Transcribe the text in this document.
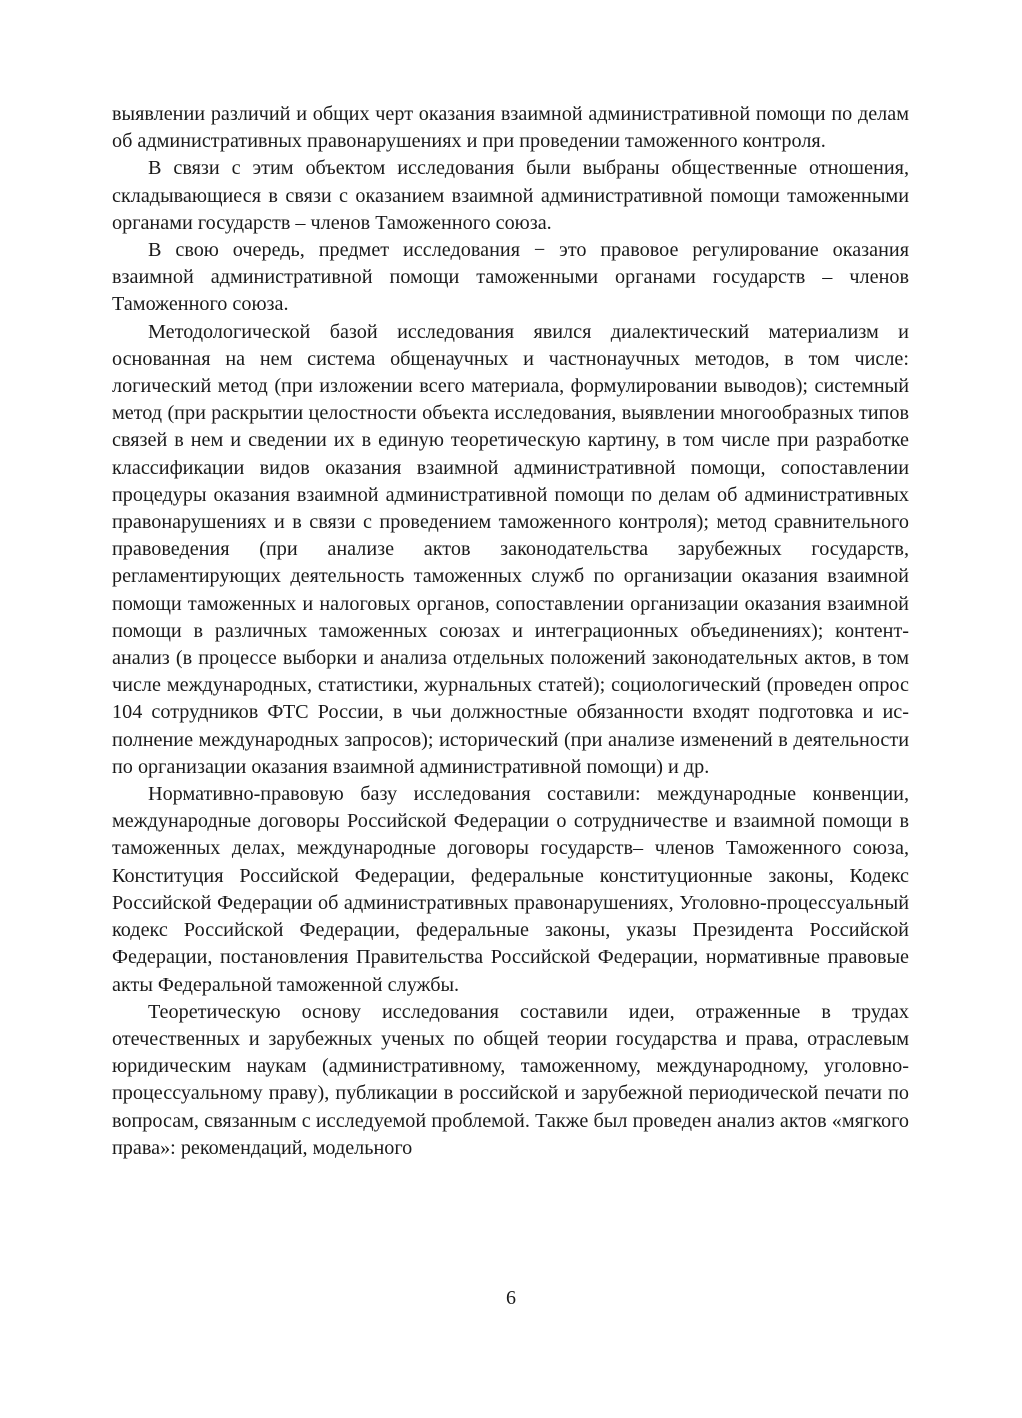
выявлении различий и общих черт оказания взаимной административной помощи по делам об административных правонарушениях и при проведении таможенного контроля.

В связи с этим объектом исследования были выбраны общественные отношения, складывающиеся в связи с оказанием взаимной административной помощи таможенными органами государств – членов Таможенного союза.

В свою очередь, предмет исследования − это правовое регулирование оказания взаимной административной помощи таможенными органами государств – членов Таможенного союза.

Методологической базой исследования явился диалектический материализм и основанная на нем система общенаучных и частнонаучных методов, в том числе: логический метод (при изложении всего материала, формулировании выводов); системный метод (при раскрытии целостности объекта исследования, выявлении многообразных типов связей в нем и сведении их в единую теоретическую картину, в том числе при разработке классификации видов оказания взаимной административной помощи, сопоставлении процедуры оказания взаимной административной помощи по делам об административных правонарушениях и в связи с проведением таможенного контроля); метод сравнительного правоведения (при анализе актов законодательства зарубежных государств, регламентирующих деятельность таможенных служб по организации оказания взаимной помощи таможенных и налоговых органов, сопоставлении организации оказания взаимной помощи в различных таможенных союзах и интеграционных объединениях); контент-анализ (в процессе выборки и анализа отдельных положений законодательных актов, в том числе международных, статистики, журнальных статей); социологический (проведен опрос 104 сотрудников ФТС России, в чьи должностные обязанности входят подготовка и исполнение международных запросов); исторический (при анализе изменений в деятельности по организации оказания взаимной административной помощи) и др.

Нормативно-правовую базу исследования составили: международные конвенции, международные договоры Российской Федерации о сотрудничестве и взаимной помощи в таможенных делах, международные договоры государств– членов Таможенного союза, Конституция Российской Федерации, федеральные конституционные законы, Кодекс Российской Федерации об административных правонарушениях, Уголовно-процессуальный кодекс Российской Федерации, федеральные законы, указы Президента Российской Федерации, постановления Правительства Российской Федерации, нормативные правовые акты Федеральной таможенной службы.

Теоретическую основу исследования составили идеи, отраженные в трудах отечественных и зарубежных ученых по общей теории государства и права, отраслевым юридическим наукам (административному, таможенному, международному, уголовно-процессуальному праву), публикации в российской и зарубежной периодической печати по вопросам, связанным с исследуемой проблемой. Также был проведен анализ актов «мягкого права»: рекомендаций, модельного

6
